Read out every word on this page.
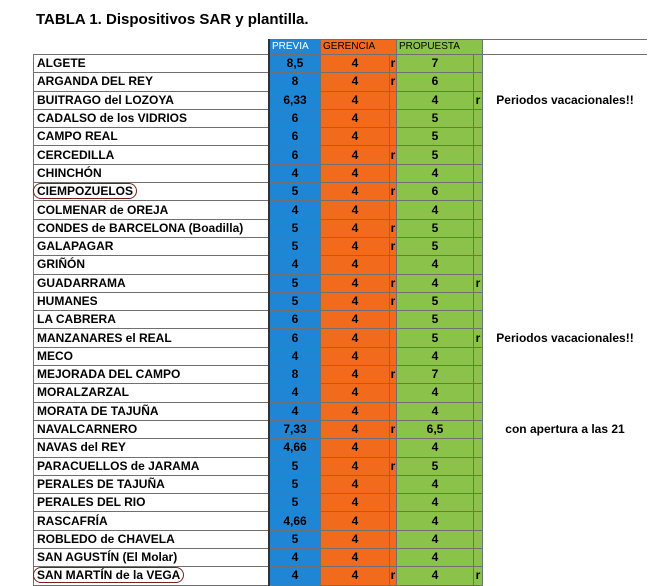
TABLA 1. Dispositivos SAR y plantilla.
	PREVIA	GERENCIA		PROPUESTA		
ALGETE	8,5	4	r	7		
ARGANDA DEL REY	8	4	r	6		
BUITRAGO del LOZOYA	6,33	4		4	r	Periodos vacacionales!!
CADALSO de los VIDRIOS	6	4		5		
CAMPO REAL	6	4		5		
CERCEDILLA	6	4	r	5		
CHINCHÓN	4	4		4		
CIEMPOZUELOS	5	4	r	6		
COLMENAR de OREJA	4	4		4		
CONDES de BARCELONA (Boadilla)	5	4	r	5		
GALAPAGAR	5	4	r	5		
GRIÑÓN	4	4		4		
GUADARRAMA	5	4	r	4	r	
HUMANES	5	4	r	5		
LA CABRERA	6	4		5		
MANZANARES el REAL	6	4		5	r	Periodos vacacionales!!
MECO	4	4		4		
MEJORADA DEL CAMPO	8	4	r	7		
MORALZARZAL	4	4		4		
MORATA DE TAJUÑA	4	4		4		
NAVALCARNERO	7,33	4	r	6,5		con apertura a las 21
NAVAS del REY	4,66	4		4		
PARACUELLOS de JARAMA	5	4	r	5		
PERALES DE TAJUÑA	5	4		4		
PERALES DEL RIO	5	4		4		
RASCAFRÍA	4,66	4		4		
ROBLEDO de CHAVELA	5	4		4		
SAN AGUSTÍN (El Molar)	4	4		4		
SAN MARTÍN de la VEGA	4	4	r	4	r	
